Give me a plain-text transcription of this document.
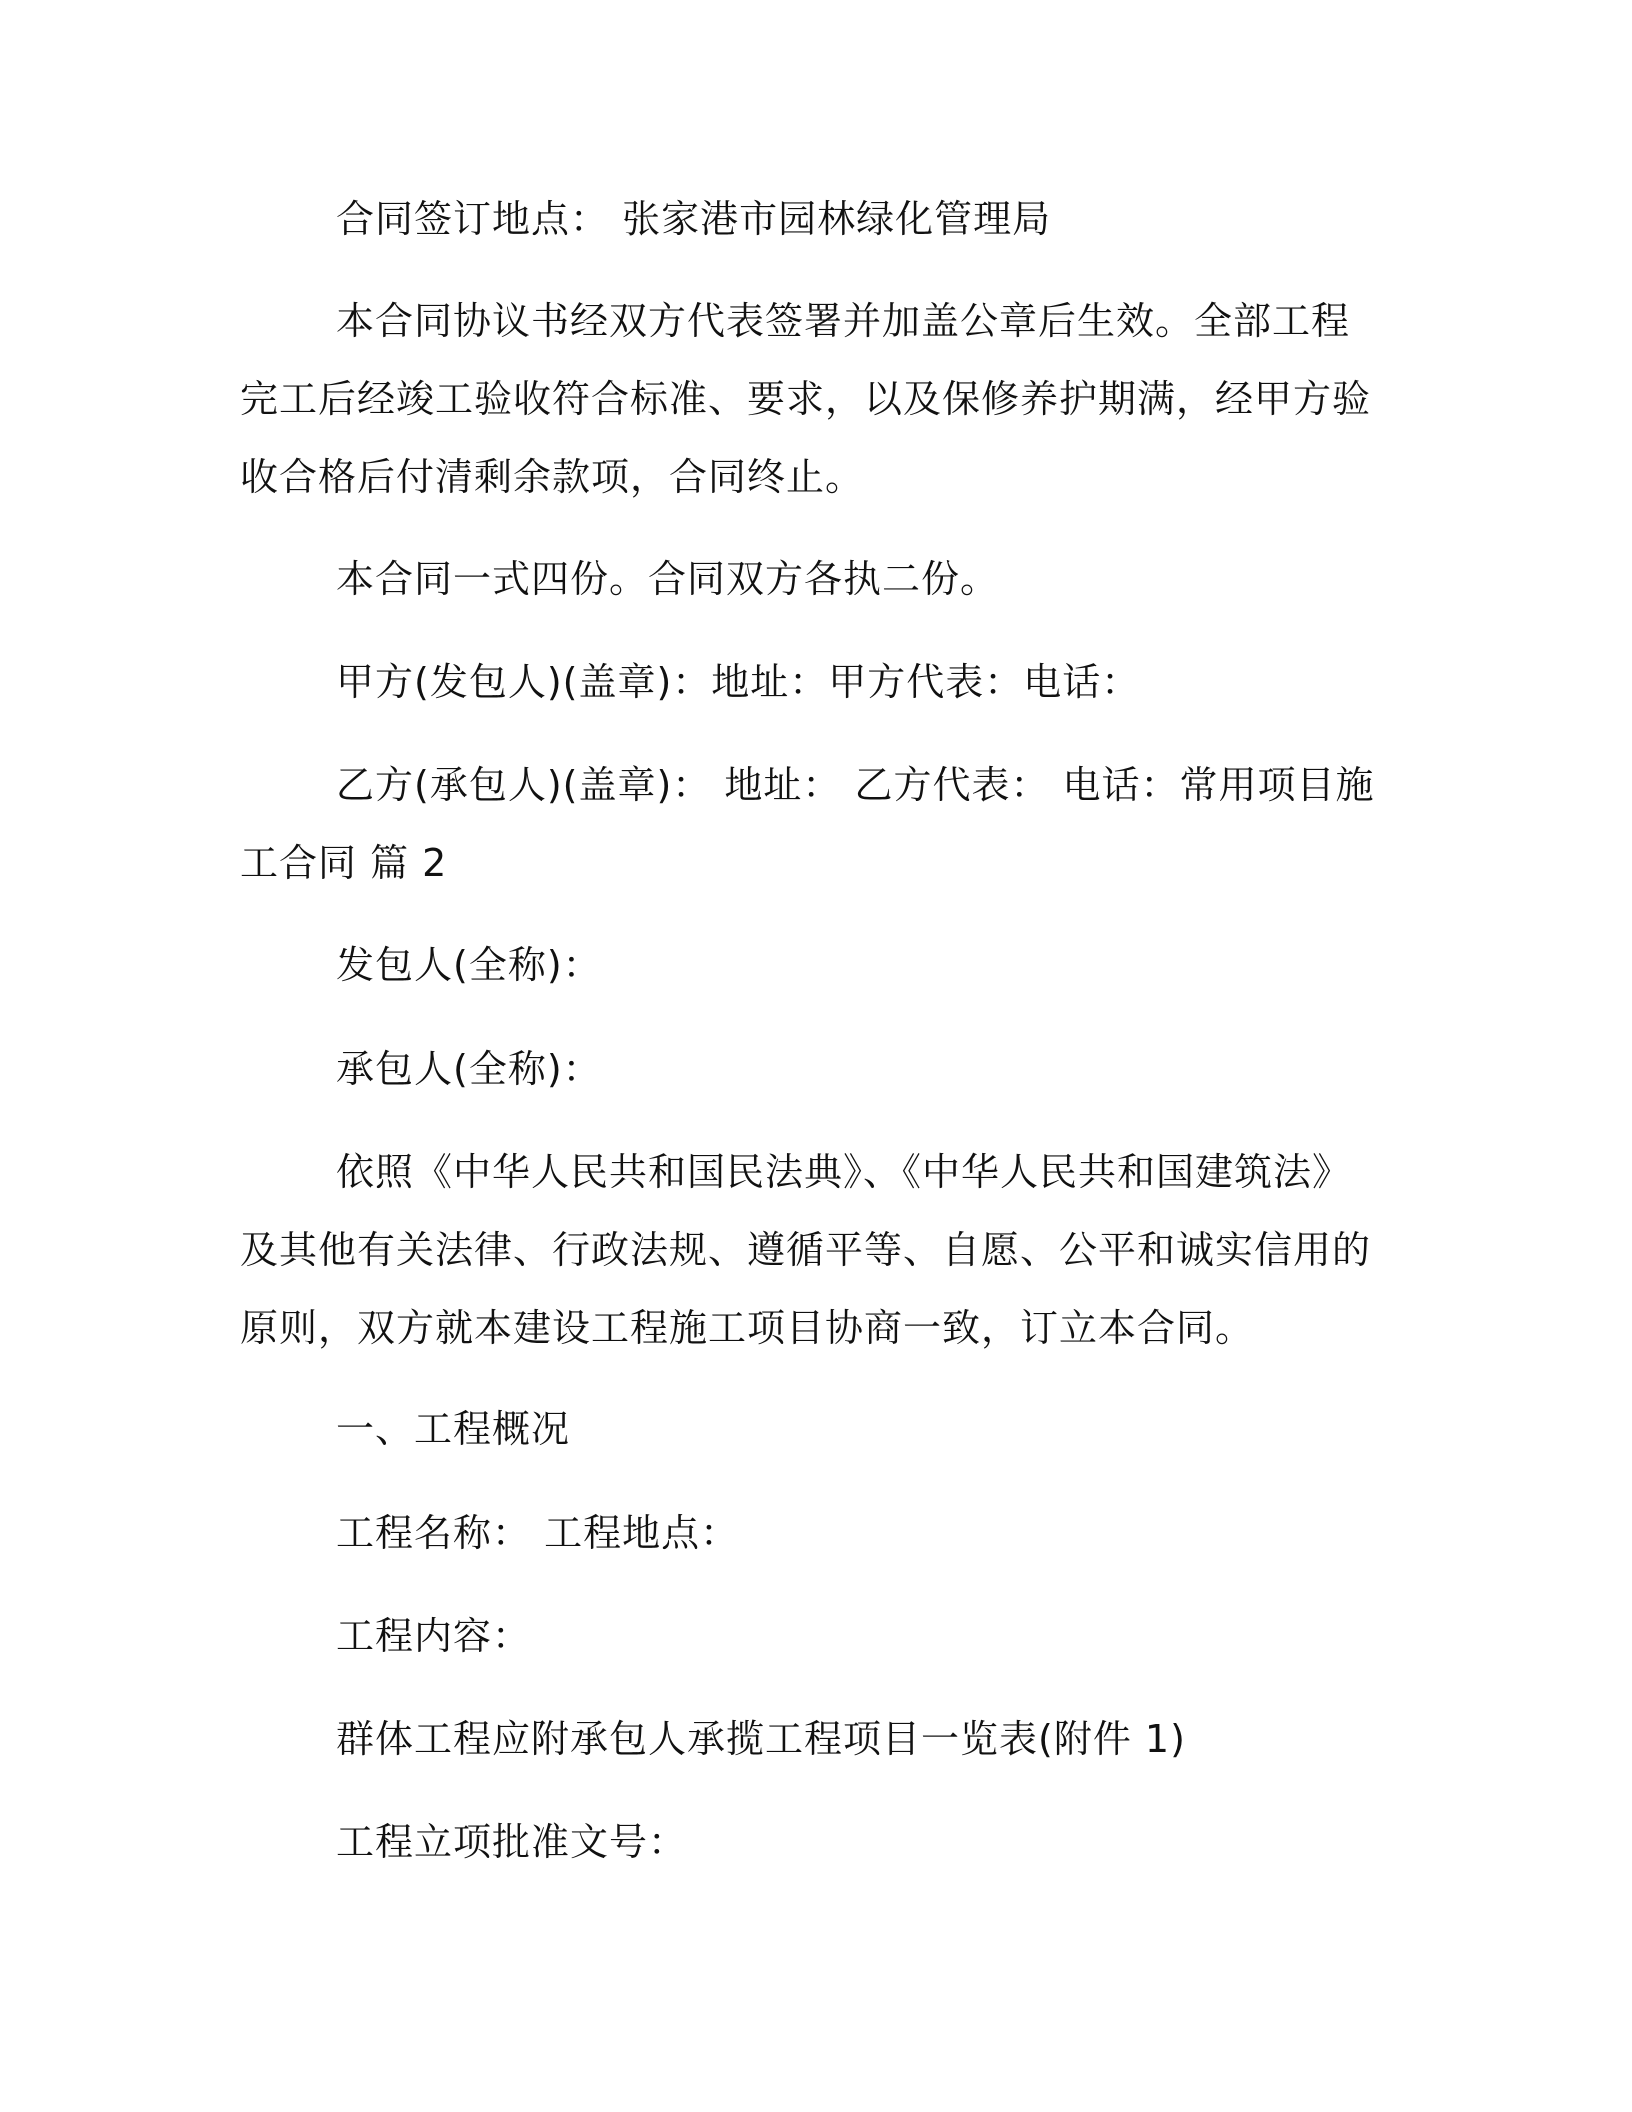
合同签订地点： 张家港市园林绿化管理局

本合同协议书经双方代表签署并加盖公章后生效。全部工程完工后经竣工验收符合标准、要求，以及保修养护期满，经甲方验收合格后付清剩余款项，合同终止。

本合同一式四份。合同双方各执二份。

甲方(发包人)(盖章)：地址：甲方代表：电话：

乙方(承包人)(盖章)： 地址： 乙方代表： 电话：常用项目施工合同 篇 2

发包人(全称)：

承包人(全称)：

依照《中华人民共和国民法典》、《中华人民共和国建筑法》及其他有关法律、行政法规、遵循平等、自愿、公平和诚实信用的原则，双方就本建设工程施工项目协商一致，订立本合同。

一、工程概况

工程名称： 工程地点：

工程内容：

群体工程应附承包人承揽工程项目一览表(附件 1)

工程立项批准文号：
